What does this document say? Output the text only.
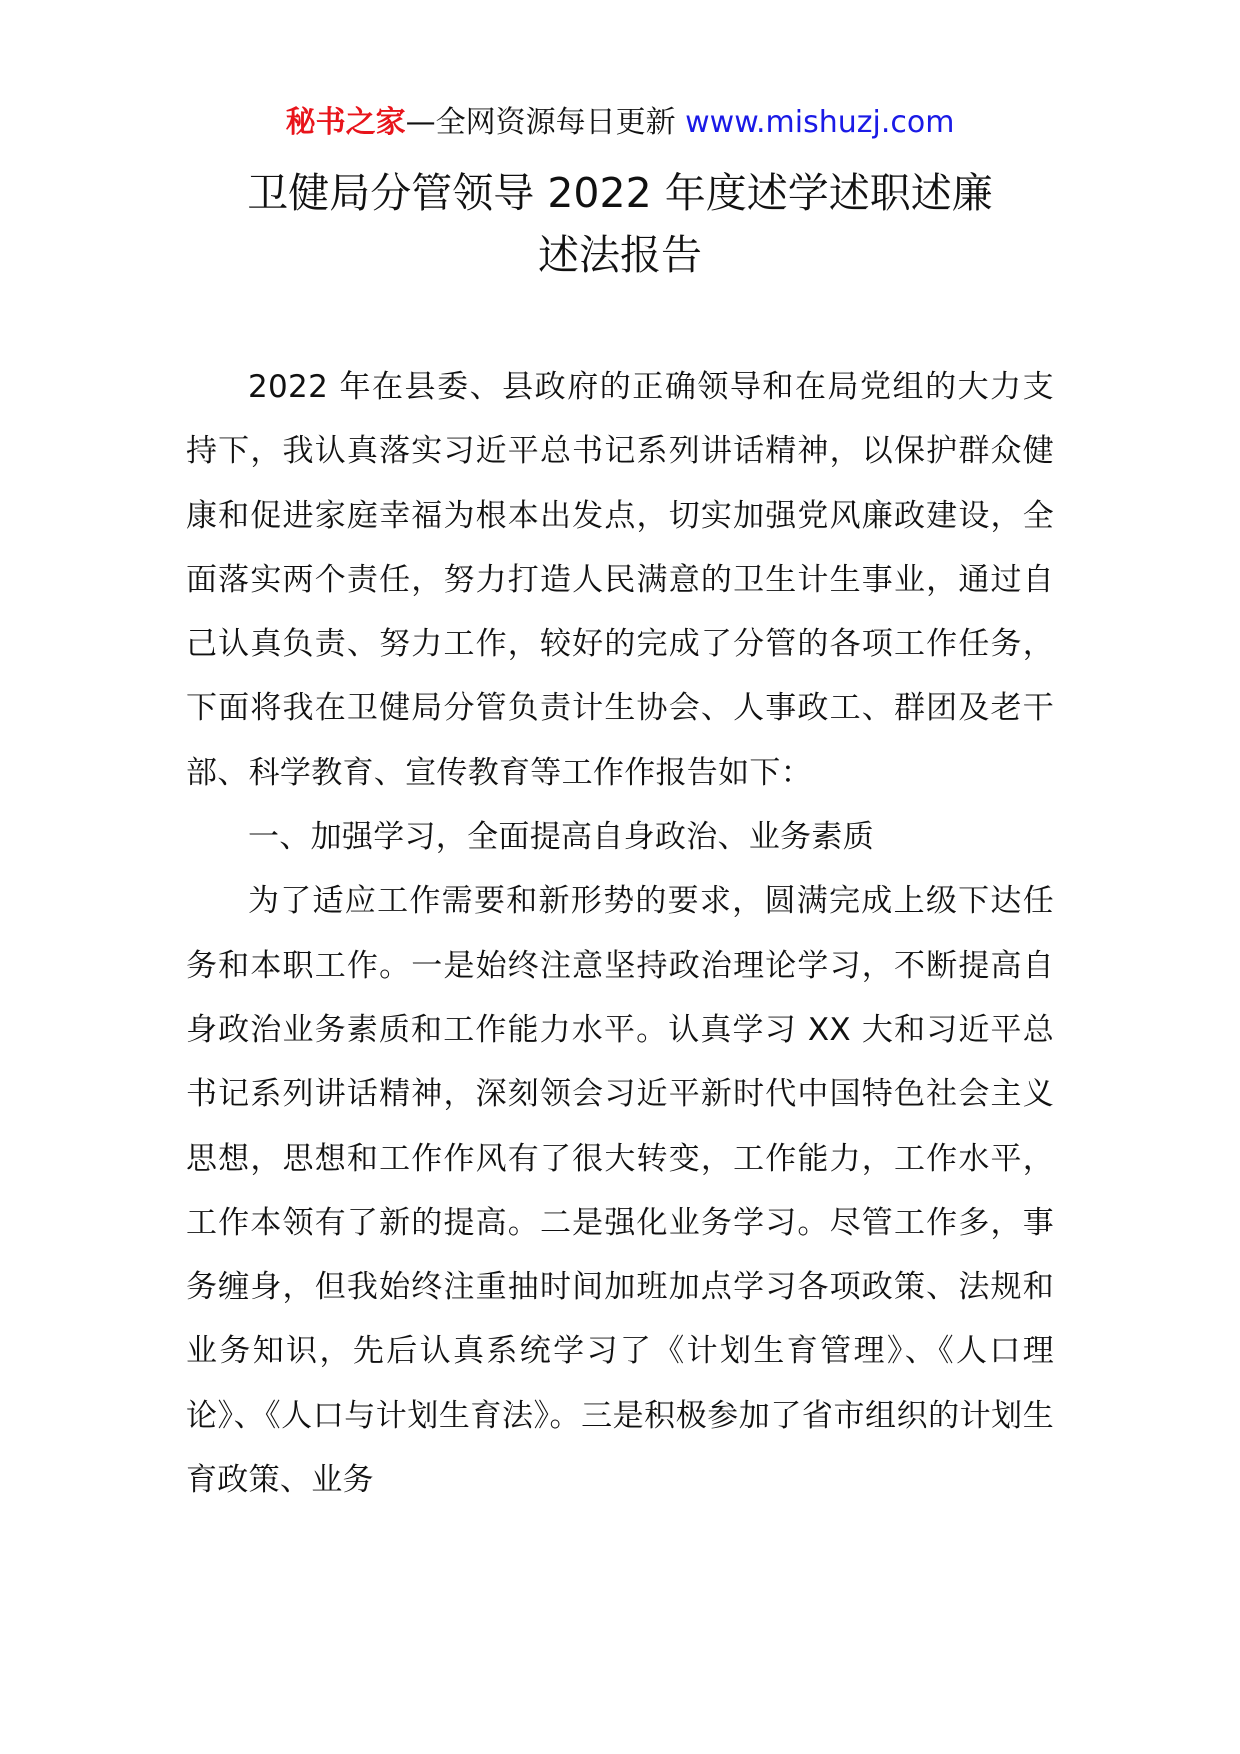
秘书之家—全网资源每日更新 www.mishuzj.com
卫健局分管领导 2022 年度述学述职述廉
述法报告

2022 年在县委、县政府的正确领导和在局党组的大力支持下，我认真落实习近平总书记系列讲话精神，以保护群众健康和促进家庭幸福为根本出发点，切实加强党风廉政建设，全面落实两个责任，努力打造人民满意的卫生计生事业，通过自己认真负责、努力工作，较好的完成了分管的各项工作任务，下面将我在卫健局分管负责计生协会、人事政工、群团及老干部、科学教育、宣传教育等工作作报告如下：

一、加强学习，全面提高自身政治、业务素质

为了适应工作需要和新形势的要求，圆满完成上级下达任务和本职工作。一是始终注意坚持政治理论学习，不断提高自身政治业务素质和工作能力水平。认真学习 XX 大和习近平总书记系列讲话精神，深刻领会习近平新时代中国特色社会主义思想，思想和工作作风有了很大转变，工作能力，工作水平，工作本领有了新的提高。二是强化业务学习。尽管工作多，事务缠身，但我始终注重抽时间加班加点学习各项政策、法规和业务知识，先后认真系统学习了《计划生育管理》、《人口理论》、《人口与计划生育法》。三是积极参加了省市组织的计划生育政策、业务
